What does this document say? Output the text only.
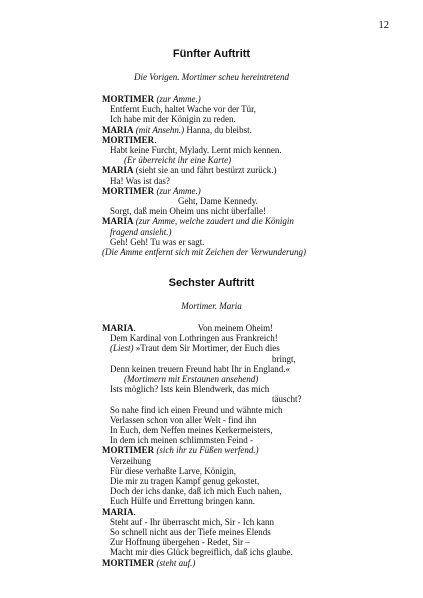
12
Fünfter Auftritt
Die Vorigen. Mortimer scheu hereintretend
MORTIMER (zur Amme.)
Entfernt Euch, haltet Wache vor der Tür,
Ich habe mit der Königin zu reden.
MARIA (mit Ansehn.) Hanna, du bleibst.
MORTIMER.
Habt keine Furcht, Mylady. Lernt mich kennen.
(Er überreicht ihr eine Karte)
MARIA (sieht sie an und fährt bestürzt zurück.)
Ha! Was ist das?
MORTIMER (zur Amme.)
Geht, Dame Kennedy.
Sorgt, daß mein Oheim uns nicht überfalle!
MARIA (zur Amme, welche zaudert und die Königin
fragend ansieht.)
Geh! Geh! Tu was er sagt.
(Die Amme entfernt sich mit Zeichen der Verwunderung)
Sechster Auftritt
Mortimer. Maria
MARIA.	Von meinem Oheim!
Dem Kardinal von Lothringen aus Frankreich!
(Liest) »Traut dem Sir Mortimer, der Euch dies
bringt,
Denn keinen treuern Freund habt Ihr in England.«
(Mortimern mit Erstaunen ansehend)
Ists möglich? Ists kein Blendwerk, das mich
täuscht?
So nahe find ich einen Freund und wähnte mich
Verlassen schon von aller Welt - find ihn
In Euch, dem Neffen meines Kerkermeisters,
In dem ich meinen schlimmsten Feind -
MORTIMER (sich ihr zu Füßen werfend.)
Verzeihung
Für diese verhaßte Larve, Königin,
Die mir zu tragen Kampf genug gekostet,
Doch der ichs danke, daß ich mich Euch nahen,
Euch Hülfe und Errettung bringen kann.
MARIA.
Steht auf - Ihr überrascht mich, Sir - Ich kann
So schnell nicht aus der Tiefe meines Elends
Zur Hoffnung übergehen - Redet, Sir –
Macht mir dies Glück begreiflich, daß ichs glaube.
MORTIMER (steht auf.)
